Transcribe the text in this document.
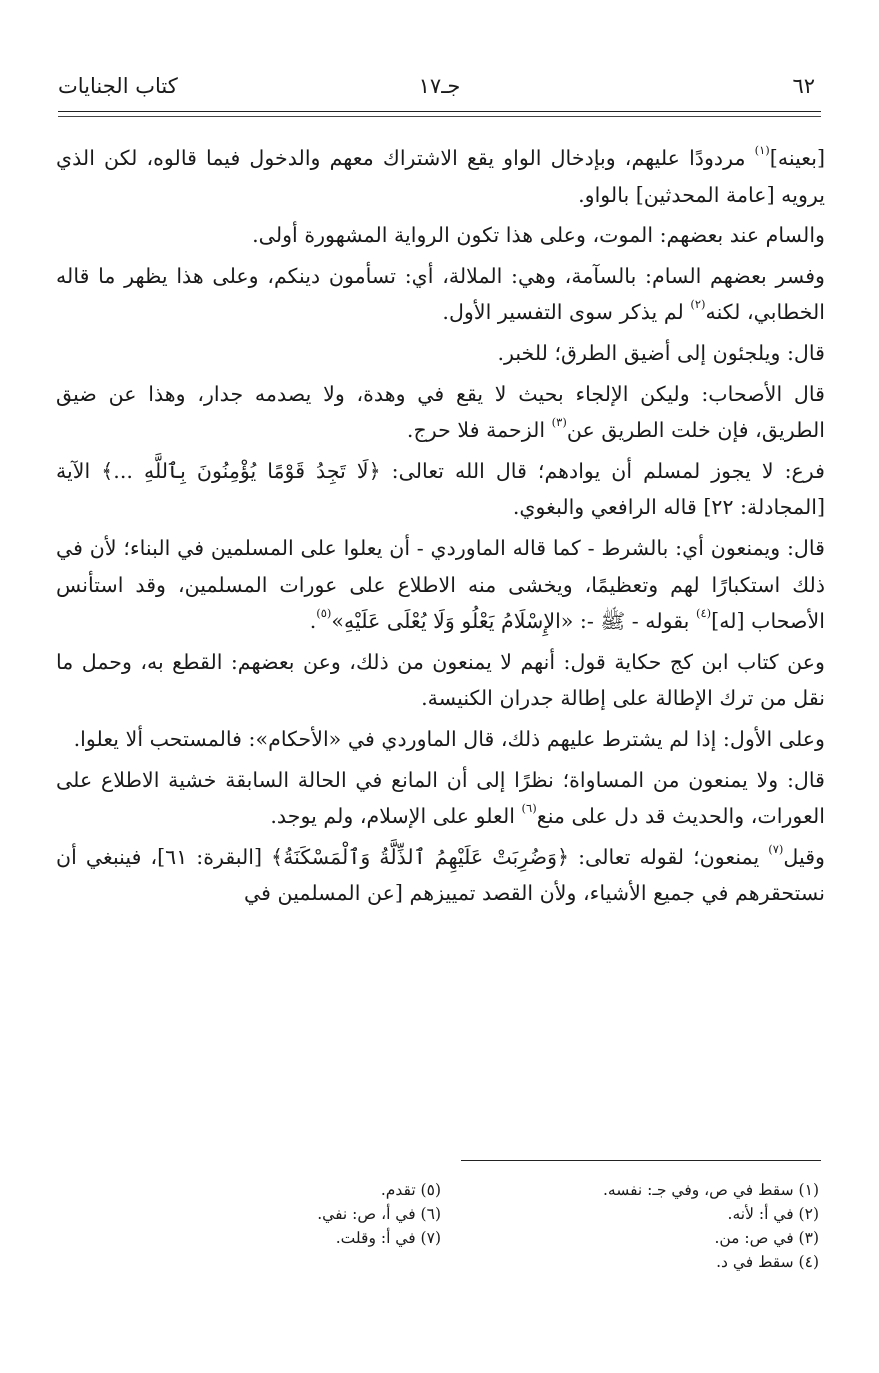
٦٢
جـ١٧
كتاب الجنايات

[بعينه]$^{(١)}$ مردودًا عليهم، وبإدخال الواو يقع الاشتراك معهم والدخول فيما قالوه، لكن الذي يرويه [عامة المحدثين] بالواو.

والسام عند بعضهم: الموت، وعلى هذا تكون الرواية المشهورة أولى.

وفسر بعضهم السام: بالسآمة، وهي: الملالة، أي: تسأمون دينكم، وعلى هذا يظهر ما قاله الخطابي، لكنه$^{(٢)}$ لم يذكر سوى التفسير الأول.

قال: ويلجئون إلى أضيق الطرق؛ للخبر.

قال الأصحاب: وليكن الإلجاء بحيث لا يقع في وهدة، ولا يصدمه جدار، وهذا عن ضيق الطريق، فإن خلت الطريق عن$^{(٣)}$ الزحمة فلا حرج.

فرع: لا يجوز لمسلم أن يوادهم؛ قال الله تعالى: ﴿لَا تَجِدُ قَوْمًا يُؤْمِنُونَ بِٱللَّهِ ...﴾ الآية [المجادلة: ٢٢] قاله الرافعي والبغوي.

قال: ويمنعون أي: بالشرط - كما قاله الماوردي - أن يعلوا على المسلمين في البناء؛ لأن في ذلك استكبارًا لهم وتعظيمًا، ويخشى منه الاطلاع على عورات المسلمين، وقد استأنس الأصحاب [له]$^{(٤)}$ بقوله - ﷺ -: «الإِسْلَامُ يَعْلُو وَلَا يُعْلَى عَلَيْهِ»$^{(٥)}$.

وعن كتاب ابن كج حكاية قول: أنهم لا يمنعون من ذلك، وعن بعضهم: القطع به، وحمل ما نقل من ترك الإطالة على إطالة جدران الكنيسة.

وعلى الأول: إذا لم يشترط عليهم ذلك، قال الماوردي في «الأحكام»: فالمستحب ألا يعلوا.

قال: ولا يمنعون من المساواة؛ نظرًا إلى أن المانع في الحالة السابقة خشية الاطلاع على العورات، والحديث قد دل على منع$^{(٦)}$ العلو على الإسلام، ولم يوجد.

وقيل$^{(٧)}$ يمنعون؛ لقوله تعالى: ﴿وَضُرِبَتْ عَلَيْهِمُ ٱلذِّلَّةُ وَٱلْمَسْكَنَةُ﴾ [البقرة: ٦١]، فينبغي أن نستحقرهم في جميع الأشياء، ولأن القصد تمييزهم [عن المسلمين في

(١) سقط في ص، وفي جـ: نفسه.
(٢) في أ: لأنه.
(٣) في ص: من.
(٤) سقط في د.
(٥) تقدم.
(٦) في أ، ص: نفي.
(٧) في أ: وقلت.
